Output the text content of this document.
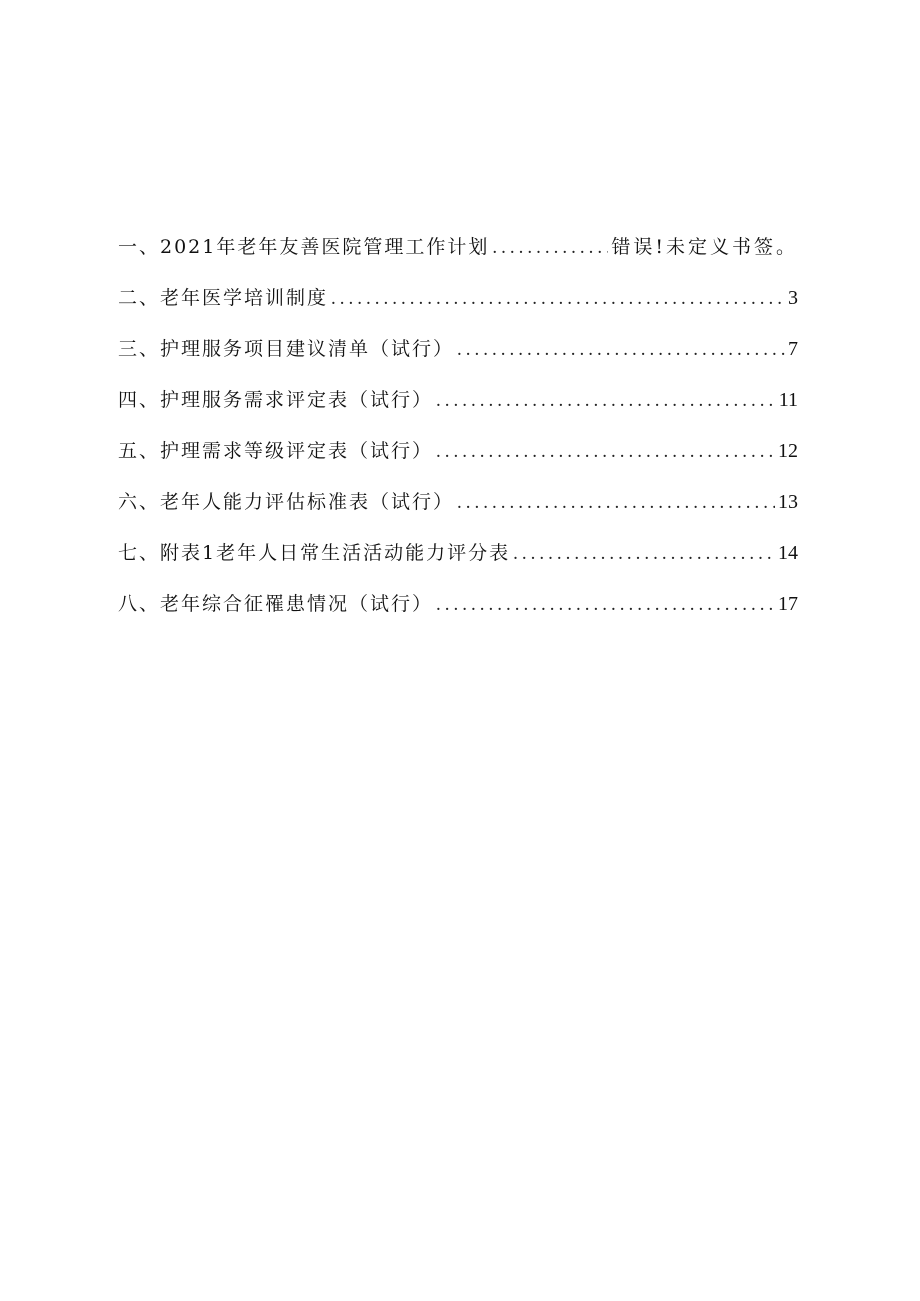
一、2021年老年友善医院管理工作计划 .....	错误!未定义书签。
二、老年医学培训制度 .....	3
三、护理服务项目建议清单（试行） .....	7
四、护理服务需求评定表（试行） .....	11
五、护理需求等级评定表（试行） .....	12
六、老年人能力评估标准表（试行） .....	13
七、附表1老年人日常生活活动能力评分表 .....	14
八、老年综合征罹患情况（试行） .....	17
